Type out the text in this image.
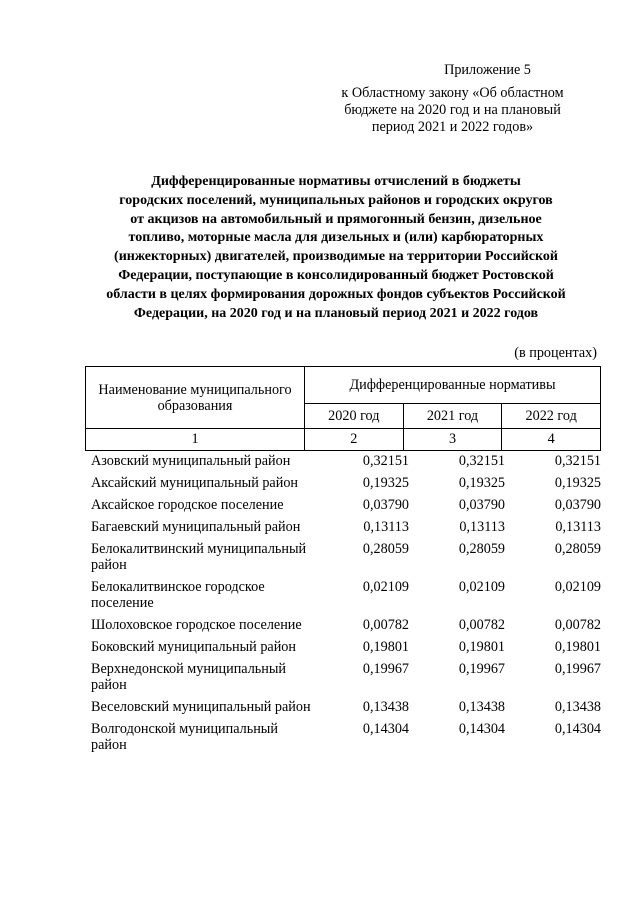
Приложение 5
к Областному закону «Об областном
бюджете на 2020 год и на плановый
период 2021 и 2022 годов»
Дифференцированные нормативы отчислений в бюджеты
городских поселений, муниципальных районов и городских округов
от акцизов на автомобильный и прямогонный бензин, дизельное
топливо, моторные масла для дизельных и (или) карбюраторных
(инжекторных) двигателей, производимые на территории Российской
Федерации, поступающие в консолидированный бюджет Ростовской
области в целях формирования дорожных фондов субъектов Российской
Федерации, на 2020 год и на плановый период 2021 и 2022 годов
(в процентах)
Наименование муниципального образования	Дифференцированные нормативы		
	2020 год	2021 год	2022 год
1	2	3	4
Азовский муниципальный район	0,32151	0,32151	0,32151
Аксайский муниципальный район	0,19325	0,19325	0,19325
Аксайское городское поселение	0,03790	0,03790	0,03790
Багаевский муниципальный район	0,13113	0,13113	0,13113
Белокалитвинский муниципальный район	0,28059	0,28059	0,28059
Белокалитвинское городское поселение	0,02109	0,02109	0,02109
Шолоховское городское поселение	0,00782	0,00782	0,00782
Боковский муниципальный район	0,19801	0,19801	0,19801
Верхнедонской муниципальный район	0,19967	0,19967	0,19967
Веселовский муниципальный район	0,13438	0,13438	0,13438
Волгодонской муниципальный район	0,14304	0,14304	0,14304
